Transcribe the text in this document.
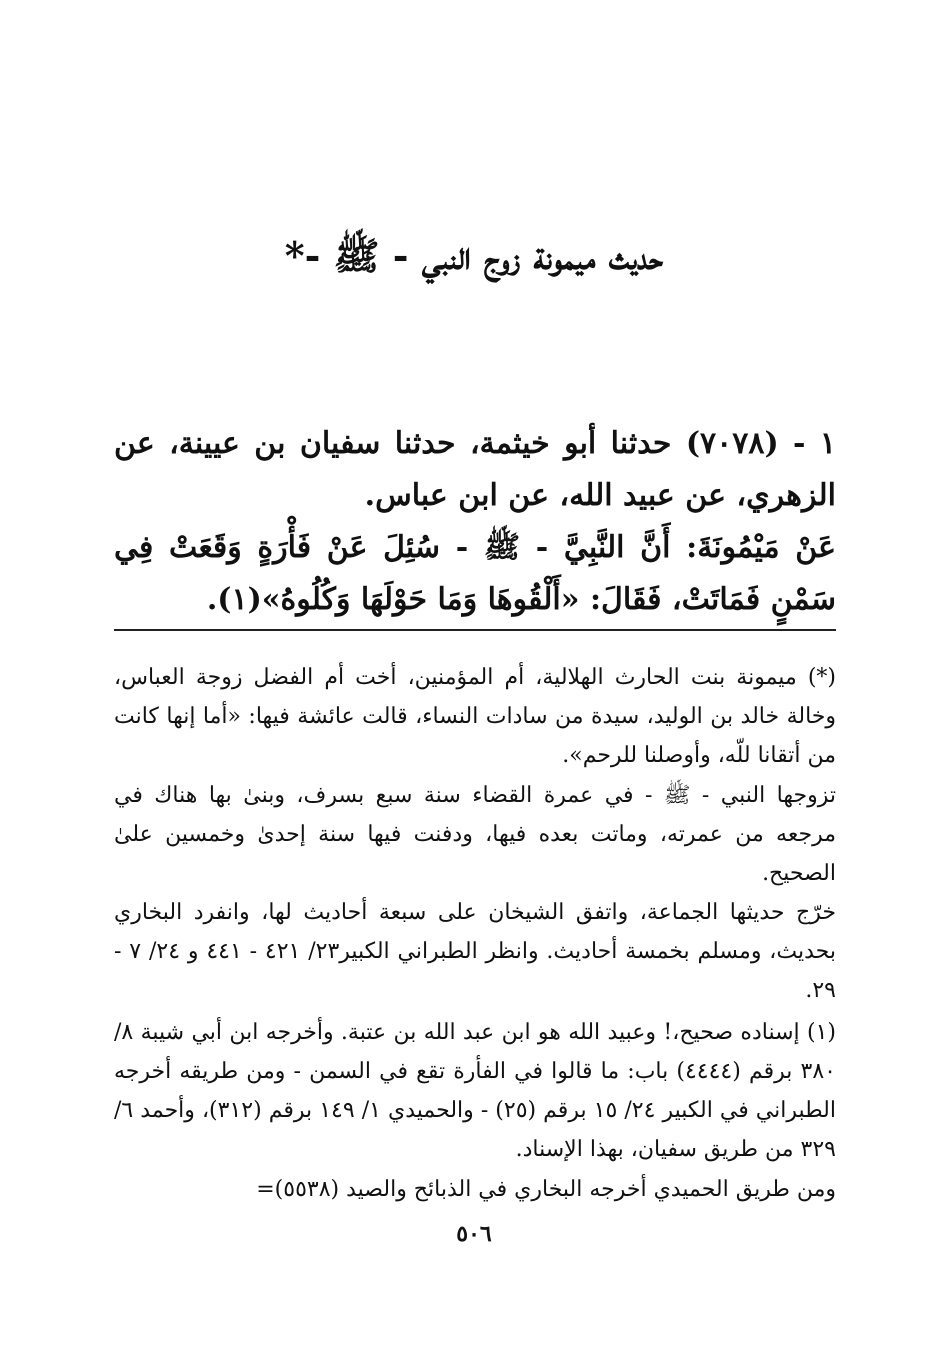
حديث ميمونة زوج النبي - ﷺ -*
١ - (٧٠٧٨) حدثنا أبو خيثمة، حدثنا سفيان بن عيينة، عن الزهري، عن عبيد الله، عن ابن عباس.
عَنْ مَيْمُونَةَ: أَنَّ النَّبِيَّ - ﷺ - سُئِلَ عَنْ فَأْرَةٍ وَقَعَتْ فِي سَمْنٍ فَمَاتَتْ، فَقَالَ: «أَلْقُوهَا وَمَا حَوْلَهَا وَكُلُوهُ»(١).
(*) ميمونة بنت الحارث الهلالية، أم المؤمنين، أخت أم الفضل زوجة العباس، وخالة خالد بن الوليد، سيدة من سادات النساء، قالت عائشة فيها: «أما إنها كانت من أتقانا للّه، وأوصلنا للرحم».
تزوجها النبي - ﷺ - في عمرة القضاء سنة سبع بسرف، وبنىٰ بها هناك في مرجعه من عمرته، وماتت بعده فيها، ودفنت فيها سنة إحدىٰ وخمسين علىٰ الصحيح.
خرّج حديثها الجماعة، واتفق الشيخان على سبعة أحاديث لها، وانفرد البخاري بحديث، ومسلم بخمسة أحاديث. وانظر الطبراني الكبير٢٣/ ٤٢١ - ٤٤١ و ٢٤/ ٧ - ٢٩.
(١) إسناده صحيح،! وعبيد الله هو ابن عبد الله بن عتبة. وأخرجه ابن أبي شيبة ٨/ ٣٨٠ برقم (٤٤٤٤) باب: ما قالوا في الفأرة تقع في السمن - ومن طريقه أخرجه الطبراني في الكبير ٢٤/ ١٥ برقم (٢٥) - والحميدي ١/ ١٤٩ برقم (٣١٢)، وأحمد ٦/ ٣٢٩ من طريق سفيان، بهذا الإسناد.
ومن طريق الحميدي أخرجه البخاري في الذبائح والصيد (٥٥٣٨)=
٥٠٦
